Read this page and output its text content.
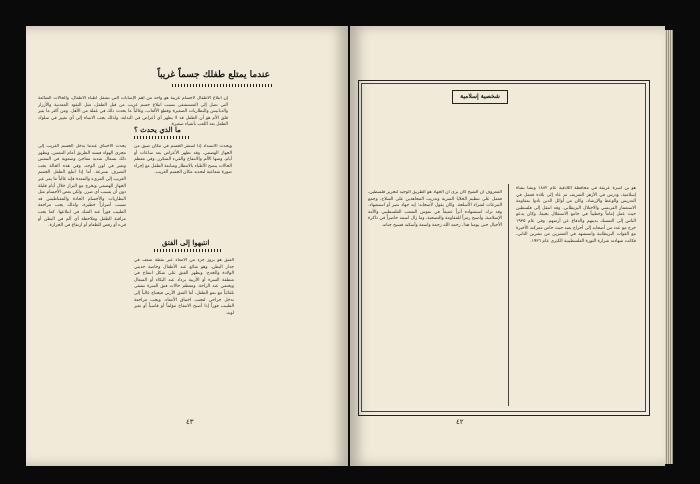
عندما يمتلع طفلك جسماً غريباً
إن ابتلاع الأطفال لأجسام غريبة هو واحد من أهم الإصابات التي تشغل أطباء الأطفال، والحالات الشائعة التي تصل إلى المستشفى بسبب ابتلاع جسم غريب من قبل الطفل، مثل النقود المعدنية والأزرار والدبابيس والبطاريات الصغيرة وقطع الألعاب، وغالباً ما يحدث ذلك في غفلة من الأهل. ومن أكثر ما يثير قلق الأم هو أن الطفل قد لا يظهر أي أعراض في البداية، ولذلك يجب الانتباه إلى أي تغيير في سلوك الطفل بعد اللعب بأشياء صغيرة.
ما الذي يحدث ؟
يحدث الاختناق عندما يدخل الجسم الغريب إلى مجرى الهواء فيسد الطريق أمام التنفس، ويظهر ذلك بسعال شديد مفاجئ وصعوبة في التنفس وتغير في لون الوجه، وفي هذه الحالة يجب التصرف بسرعة. أما إذا ابتلع الطفل الجسم الغريب إلى المريء والمعدة فإنه غالباً ما يمر عبر الجهاز الهضمي ويخرج مع البراز خلال أيام قليلة دون أن يسبب أي ضرر. ولكن بعض الأجسام مثل البطاريات والأجسام الحادة والمغناطيس قد تسبب أضراراً خطيرة، ولذلك يجب مراجعة الطبيب فوراً عند الشك في ابتلاعها. كما يجب مراقبة الطفل وملاحظة أي ألم في البطن أو قيء أو رفض للطعام أو ارتفاع في الحرارة.
ويحدث الانسداد إذا استقر الجسم في مكان ضيق من الجهاز الهضمي، وقد تظهر الأعراض بعد ساعات أو أيام، ومنها الألم والانتفاخ والقيء المتكرر. وفي معظم الحالات ينصح الأطباء بالانتظار ومتابعة الطفل مع إجراء صورة شعاعية لتحديد مكان الجسم الغريب.
انتبهوا إلى الفتق
الفتق هو بروز جزء من الأمعاء عبر نقطة ضعف في جدار البطن، وهو شائع عند الأطفال وخاصة حديثي الولادة والخدج. ويظهر الفتق على شكل انتفاخ في منطقة السرة أو الأربية يزداد عند البكاء أو السعال ويختفي عند الراحة. ومعظم حالات فتق السرة تشفى تلقائياً مع نمو الطفل، أما الفتق الأربي فيحتاج غالباً إلى تدخل جراحي لتجنب اختناق الأمعاء. ويجب مراجعة الطبيب فوراً إذا أصبح الانتفاخ مؤلماً أو قاسياً أو تغير لونه.
٤٣
شخصية إسلامية
هو بن أسرة عريقة في محافظة اللاذقية عام ١٨٨٢ ونشأ نشأة إسلامية، ودرس في الأزهر الشريف ثم عاد إلى بلاده فعمل في التدريس والوعظ والإرشاد، وكان من أوائل الذين نادوا بمقاومة الاستعمار الفرنسي والاحتلال البريطاني. وقد انتقل إلى فلسطين حيث عمل إماماً وخطيباً في جامع الاستقلال بحيفا، وكان يدعو الناس إلى التمسك بدينهم والدفاع عن أرضهم. وفي عام ١٩٣٥ خرج مع عدد من أصحابه إلى أحراج يعبد حيث خاض معركته الأخيرة مع القوات البريطانية واستشهد في العشرين من تشرين الثاني، فكانت شهادته شرارة الثورة الفلسطينية الكبرى عام ١٩٣٦.
المعروف أن الشيخ كان يرى أن الجهاد هو الطريق الوحيد لتحرير فلسطين، فعمل على تنظيم الخلايا السرية وتدريب المجاهدين على السلاح، وجمع التبرعات لشراء الأسلحة. وكان يقول لأصحابه: إنه جهاد نصر أو استشهاد. وقد ترك استشهاده أثراً عميقاً في نفوس الشعب الفلسطيني والأمة الإسلامية، وأصبح رمزاً للمقاومة والتضحية، وما زال اسمه حاضراً في ذاكرة الأجيال حتى يومنا هذا، رحمه الله رحمة واسعة وأسكنه فسيح جناته.
٤٢
